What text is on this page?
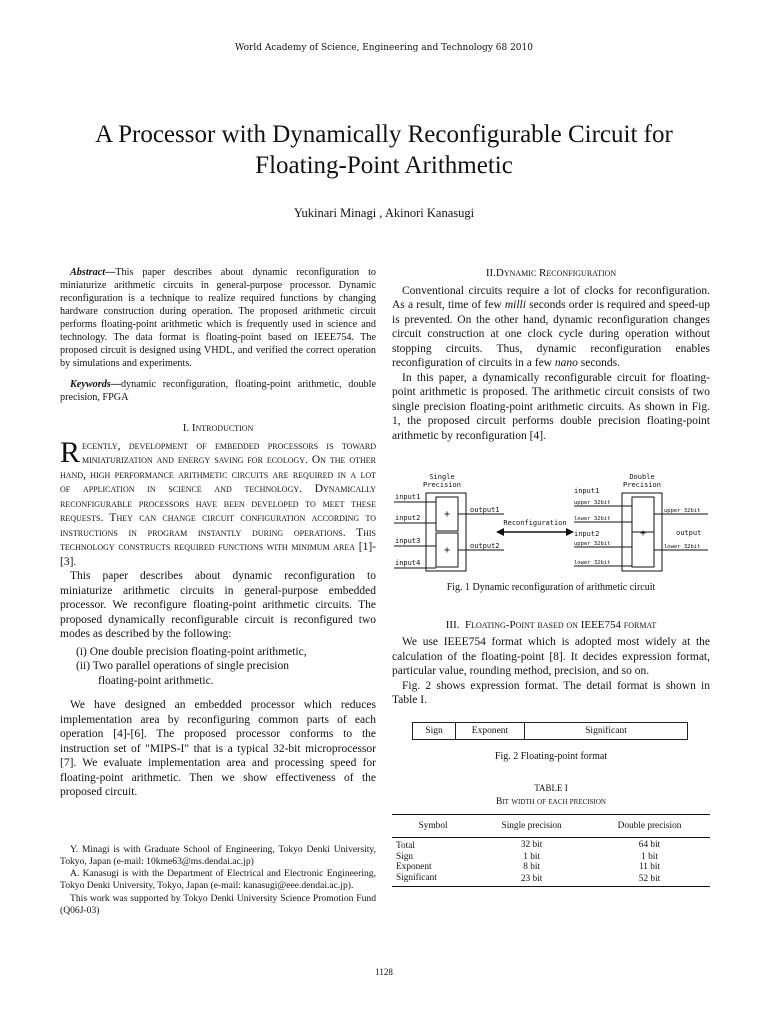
World Academy of Science, Engineering and Technology 68 2010
A Processor with Dynamically Reconfigurable Circuit for Floating-Point Arithmetic
Yukinari Minagi , Akinori Kanasugi

Abstract—This paper describes about dynamic reconfiguration to miniaturize arithmetic circuits in general-purpose processor. Dynamic reconfiguration is a technique to realize required functions by changing hardware construction during operation. The proposed arithmetic circuit performs floating-point arithmetic which is frequently used in science and technology. The data format is floating-point based on IEEE754. The proposed circuit is designed using VHDL, and verified the correct operation by simulations and experiments.

Keywords—dynamic reconfiguration, floating-point arithmetic, double precision, FPGA

I. Introduction

Recently, development of embedded processors is toward miniaturization and energy saving for ecology. On the other hand, high performance arithmetic circuits are required in a lot of application in science and technology. Dynamically reconfigurable processors have been developed to meet these requests. They can change circuit configuration according to instructions in program instantly during operations. This technology constructs required functions with minimum area [1]-[3].

This paper describes about dynamic reconfiguration to miniaturize arithmetic circuits in general-purpose embedded processor. We reconfigure floating-point arithmetic circuits. The proposed dynamically reconfigurable circuit is reconfigured two modes as described by the following:

(i) One double precision floating-point arithmetic,
(ii) Two parallel operations of single precision
floating-point arithmetic.

We have designed an embedded processor which reduces implementation area by reconfiguring common parts of each operation [4]-[6]. The proposed processor conforms to the instruction set of "MIPS-I" that is a typical 32-bit microprocessor [7]. We evaluate implementation area and processing speed for floating-point arithmetic. Then we show effectiveness of the proposed circuit.

Y. Minagi is with Graduate School of Engineering, Tokyo Denki University, Tokyo, Japan (e-mail: 10kme63@ms.dendai.ac.jp)

A. Kanasugi is with the Department of Electrical and Electronic Engineering, Tokyo Denki University, Tokyo, Japan (e-mail: kanasugi@eee.dendai.ac.jp).

This work was supported by Tokyo Denki University Science Promotion Fund (Q06J-03)

II.Dynamic Reconfiguration

Conventional circuits require a lot of clocks for reconfiguration. As a result, time of few milli seconds order is required and speed-up is prevented. On the other hand, dynamic reconfiguration changes circuit construction at one clock cycle during operation without stopping circuits. Thus, dynamic reconfiguration enables reconfiguration of circuits in a few nano seconds.

In this paper, a dynamically reconfigurable circuit for floating-point arithmetic is proposed. The arithmetic circuit consists of two single precision floating-point arithmetic circuits. As shown in Fig. 1, the proposed circuit performs double precision floating-point arithmetic by reconfiguration [4].

Single
Precision
+
+
input1
input2
input3
input4
output1
output2
Reconfiguration
Double
Precision
+
input1
upper 32bit
lower 32bit
input2
upper 32bit
lower 32bit
upper 32bit
output
lower 32bit
Fig. 1 Dynamic reconfiguration of arithmetic circuit
III. Floating-Point based on IEEE754 format

We use IEEE754 format which is adopted most widely at the calculation of the floating-point [8]. It decides expression format, particular value, rounding method, precision, and so on.

Fig. 2 shows expression format. The detail format is shown in Table I.

Sign	Exponent	Significant
Fig. 2 Floating-point format
TABLE I
Bit width of each precision
Symbol	Single precision	Double precision
Total	32 bit	64 bit
Sign	1 bit	1 bit
Exponent	8 bit	11 bit
Significant	23 bit	52 bit
1128
